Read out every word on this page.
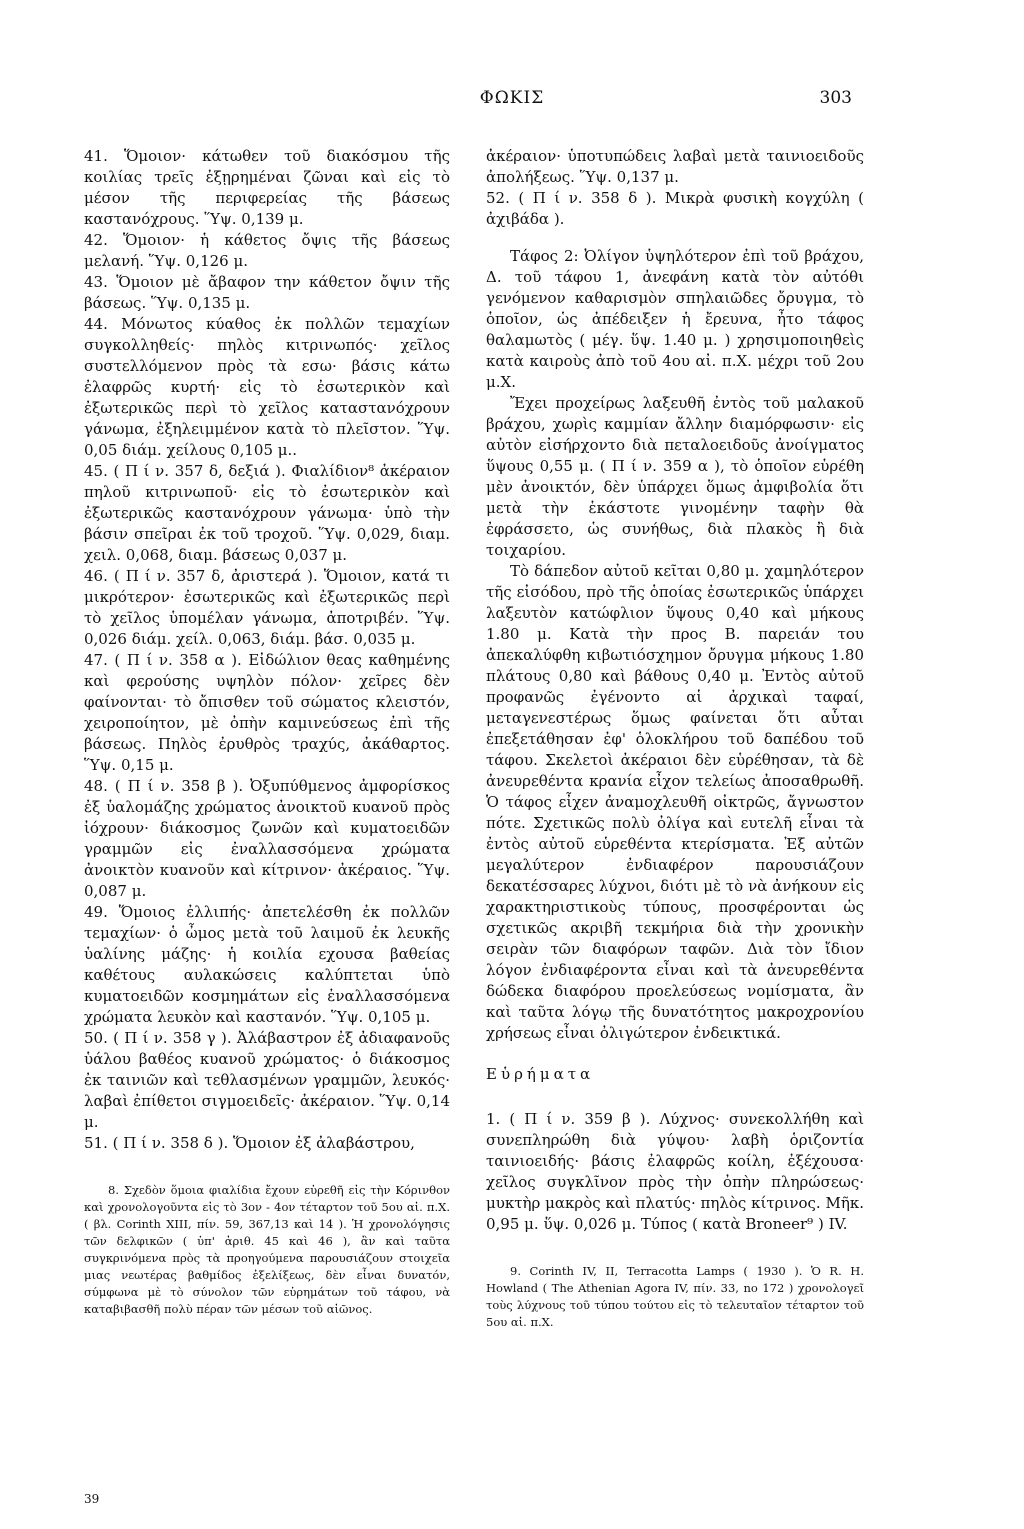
ΦΩΚΙΣ	303

41. Ὅμοιον· κάτωθεν τοῦ διακόσμου τῆς κοιλίας τρεῖς ἐξῃρημέναι ζῶναι καὶ εἰς τὸ μέσον τῆς περιφερείας τῆς βάσεως καστανόχρους. Ὕψ. 0,139 μ.

42. Ὅμοιον· ἡ κάθετος ὄψις τῆς βάσεως μελανή. Ὕψ. 0,126 μ.

43. Ὅμοιον μὲ ἄβαφον την κάθετον ὄψιν τῆς βάσεως. Ὕψ. 0,135 μ.

44. Μόνωτος κύαθος ἐκ πολλῶν τεμαχίων συγκολληθείς· πηλὸς κιτρινωπός· χεῖλος συστελλόμενον πρὸς τὰ εσω· βάσις κάτω ἐλαφρῶς κυρτή· εἰς τὸ ἐσωτερικὸν καὶ ἐξωτερικῶς περὶ τὸ χεῖλος καταστανόχρουν γάνωμα, ἐξηλειμμένον κατὰ τὸ πλεῖστον. Ὕψ. 0,05 διάμ. χείλους 0,105 μ..

45. ( Π ί ν. 357 δ, δεξιά ). Φιαλίδιον⁸ ἀκέραιον πηλοῦ κιτρινωποῦ· εἰς τὸ ἐσωτερικὸν καὶ ἐξωτερικῶς καστανόχρουν γάνωμα· ὑπὸ τὴν βάσιν σπεῖραι ἐκ τοῦ τροχοῦ. Ὕψ. 0,029, διαμ. χειλ. 0,068, διαμ. βάσεως 0,037 μ.

46. ( Π ί ν. 357 δ, ἀριστερά ). Ὅμοιον, κατά τι μικρότερον· ἐσωτερικῶς καὶ ἐξωτερικῶς περὶ τὸ χεῖλος ὑπομέλαν γάνωμα, ἀποτριβέν. Ὕψ. 0,026 διάμ. χείλ. 0,063, διάμ. βάσ. 0,035 μ.

47. ( Π ί ν. 358 α ). Εἰδώλιον θεας καθημένης καὶ φερούσης υψηλὸν πόλον· χεῖρες δὲν φαίνονται· τὸ ὄπισθεν τοῦ σώματος κλειστόν, χειροποίητον, μὲ ὀπὴν καμινεύσεως ἐπὶ τῆς βάσεως. Πηλὸς ἐρυθρὸς τραχύς, ἀκάθαρτος. Ὕψ. 0,15 μ.

48. ( Π ί ν. 358 β ). Ὀξυπύθμενος ἀμφορίσκος ἐξ ὑαλομάζης χρώματος ἀνοικτοῦ κυανοῦ πρὸς ἰόχρουν· διάκοσμος ζωνῶν καὶ κυματοειδῶν γραμμῶν εἰς ἐναλλασσόμενα χρώματα ἀνοικτὸν κυανοῦν καὶ κίτρινον· ἀκέραιος. Ὕψ. 0,087 μ.

49. Ὅμοιος ἐλλιπής· ἀπετελέσθη ἐκ πολλῶν τεμαχίων· ὁ ὦμος μετὰ τοῦ λαιμοῦ ἐκ λευκῆς ὑαλίνης μάζης· ἡ κοιλία εχουσα βαθείας καθέτους αυλακώσεις καλύπτεται ὑπὸ κυματοειδῶν κοσμημάτων εἰς ἐναλλασσόμενα χρώματα λευκὸν καὶ καστανόν. Ὕψ. 0,105 μ.

50. ( Π ί ν. 358 γ ). Ἀλάβαστρον ἐξ ἀδιαφανοῦς ὑάλου βαθέος κυανοῦ χρώματος· ὁ διάκοσμος ἐκ ταινιῶν καὶ τεθλασμένων γραμμῶν, λευκός· λαβαὶ ἐπίθετοι σιγμοειδεῖς· ἀκέραιον. Ὕψ. 0,14 μ.

51. ( Π ί ν. 358 δ ). Ὅμοιον ἐξ ἀλαβάστρου,

8. Σχεδὸν ὅμοια φιαλίδια ἔχουν εὑρεθῆ εἰς τὴν Κόρινθον καὶ χρονολογοῦντα εἰς τὸ 3ον - 4ον τέταρτον τοῦ 5ου αἰ. π.Χ. ( βλ. Corinth XIII, πίν. 59, 367,13 καὶ 14 ). Ἡ χρονολόγησις τῶν δελφικῶν ( ὑπ' ἀριθ. 45 καὶ 46 ), ἂν καὶ ταῦτα συγκρινόμενα πρὸς τὰ προηγούμενα παρουσιάζουν στοιχεῖα μιας νεωτέρας βαθμίδος ἐξελίξεως, δὲν εἶναι δυνατόν, σύμφωνα μὲ τὸ σύνολον τῶν εὑρημάτων τοῦ τάφου, νὰ καταβιβασθῆ πολὺ πέραν τῶν μέσων τοῦ αἰῶνος.

39

ἀκέραιον· ὑποτυπώδεις λαβαὶ μετὰ ταινιοειδοῦς ἀπολήξεως. Ὕψ. 0,137 μ.

52. ( Π ί ν. 358 δ ). Μικρὰ φυσικὴ κογχύλη ( ἀχιβάδα ).

Τάφος 2: Ὀλίγον ὑψηλότερον ἐπὶ τοῦ βράχου, Δ. τοῦ τάφου 1, ἀνεφάνη κατὰ τὸν αὐτόθι γενόμενον καθαρισμὸν σπηλαιῶδες ὄρυγμα, τὸ ὁποῖον, ὡς ἀπέδειξεν ἡ ἔρευνα, ἦτο τάφος θαλαμωτὸς ( μέγ. ὕψ. 1.40 μ. ) χρησιμοποιηθεὶς κατὰ καιροὺς ἀπὸ τοῦ 4ου αἰ. π.Χ. μέχρι τοῦ 2ου μ.Χ.

Ἔχει προχείρως λαξευθῆ ἐντὸς τοῦ μαλακοῦ βράχου, χωρὶς καμμίαν ἄλλην διαμόρφωσιν· εἰς αὐτὸν εἰσήρχοντο διὰ πεταλοειδοῦς ἀνοίγματος ὕψους 0,55 μ. ( Π ί ν. 359 α ), τὸ ὁποῖον εὑρέθη μὲν ἀνοικτόν, δὲν ὑπάρχει ὅμως ἀμφιβολία ὅτι μετὰ τὴν ἑκάστοτε γινομένην ταφὴν θὰ ἐφράσσετο, ὡς συνήθως, διὰ πλακὸς ἢ διὰ τοιχαρίου.

Τὸ δάπεδον αὐτοῦ κεῖται 0,80 μ. χαμηλότερον τῆς εἰσόδου, πρὸ τῆς ὁποίας ἐσωτερικῶς ὑπάρχει λαξευτὸν κατώφλιον ὕψους 0,40 καὶ μήκους 1.80 μ. Κατὰ τὴν προς Β. παρειάν του ἀπεκαλύφθη κιβωτιόσχημον ὄρυγμα μήκους 1.80 πλάτους 0,80 καὶ βάθους 0,40 μ. Ἐντὸς αὐτοῦ προφανῶς ἐγένοντο αἱ ἀρχικαὶ ταφαί, μεταγενεστέρως ὅμως φαίνεται ὅτι αὗται ἐπεξετάθησαν ἐφ' ὁλοκλήρου τοῦ δαπέδου τοῦ τάφου. Σκελετοὶ ἀκέραιοι δὲν εὑρέθησαν, τὰ δὲ ἀνευρεθέντα κρανία εἶχον τελείως ἀποσαθρωθῆ. Ὁ τάφος εἶχεν ἀναμοχλευθῆ οἰκτρῶς, ἄγνωστον πότε. Σχετικῶς πολὺ ὀλίγα καὶ ευτελῆ εἶναι τὰ ἐντὸς αὐτοῦ εὑρεθέντα κτερίσματα. Ἐξ αὐτῶν μεγαλύτερον ἐνδιαφέρον παρουσιάζουν δεκατέσσαρες λύχνοι, διότι μὲ τὸ νὰ ἀνήκουν εἰς χαρακτηριστικοὺς τύπους, προσφέρονται ὡς σχετικῶς ακριβῆ τεκμήρια διὰ τὴν χρονικὴν σειρὰν τῶν διαφόρων ταφῶν. Διὰ τὸν ἴδιον λόγον ἐνδιαφέροντα εἶναι καὶ τὰ ἀνευρεθέντα δώδεκα διαφόρου προελεύσεως νομίσματα, ἂν καὶ ταῦτα λόγῳ τῆς δυνατότητος μακροχρονίου χρήσεως εἶναι ὀλιγώτερον ἐνδεικτικά.

Εὑρήματα

1. ( Π ί ν. 359 β ). Λύχνος· συνεκολλήθη καὶ συνεπληρώθη διὰ γύψου· λαβὴ ὁριζοντία ταινιοειδής· βάσις ἐλαφρῶς κοίλη, ἐξέχουσα· χεῖλος συγκλῖνον πρὸς τὴν ὀπὴν πληρώσεως· μυκτὴρ μακρὸς καὶ πλατύς· πηλὸς κίτρινος. Μῆκ. 0,95 μ. ὕψ. 0,026 μ. Τύπος ( κατὰ Broneer⁹ ) IV.

9. Corinth IV, II, Terracotta Lamps ( 1930 ). Ὁ R. H. Howland ( The Athenian Agora IV, πίν. 33, no 172 ) χρονολογεῖ τοὺς λύχνους τοῦ τύπου τούτου εἰς τὸ τελευταῖον τέταρτον τοῦ 5ου αἰ. π.Χ.
